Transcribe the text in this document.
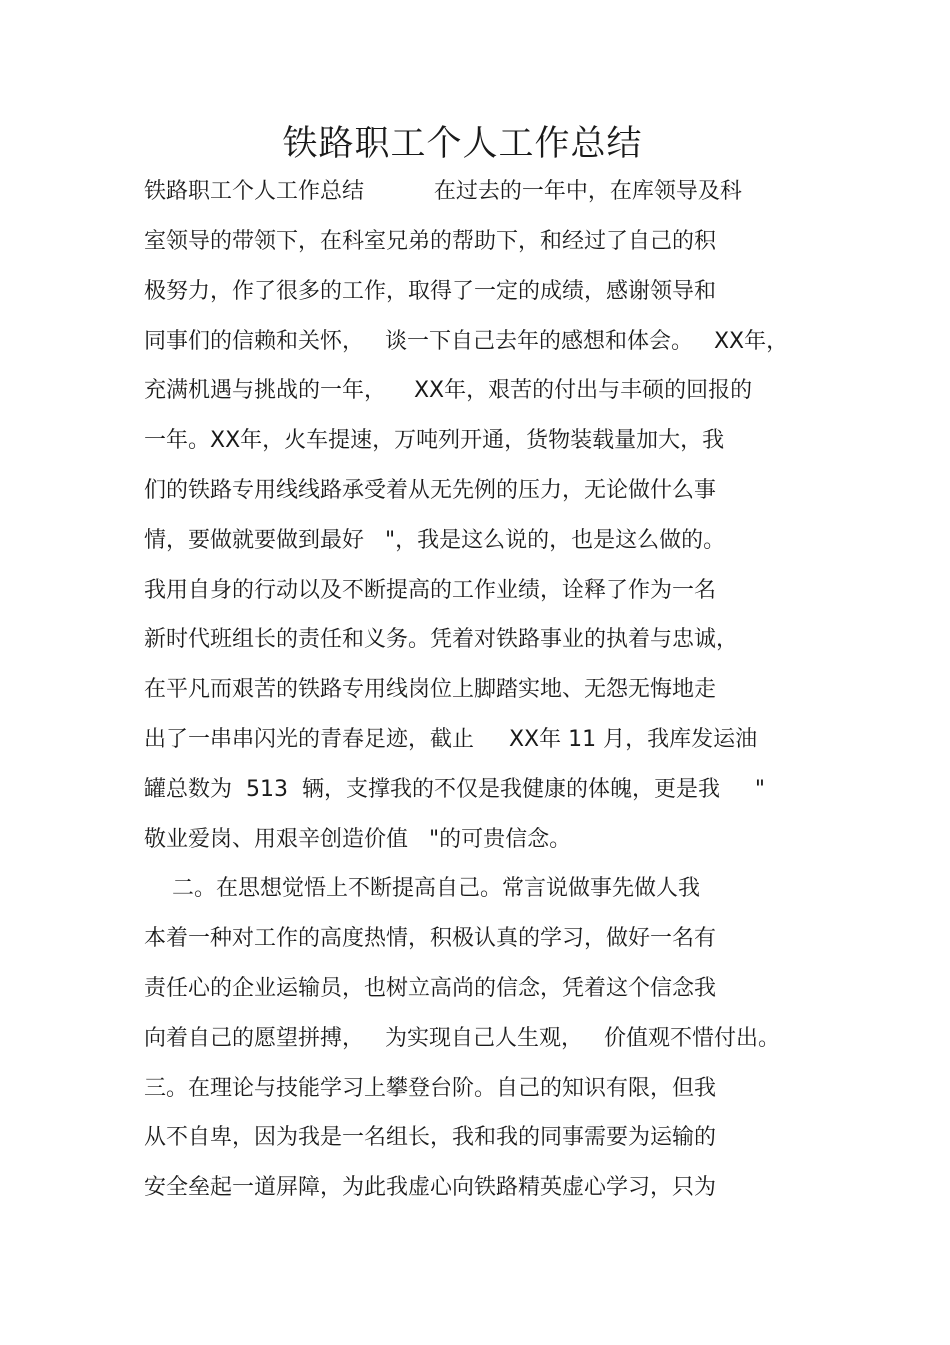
铁路职工个人工作总结
铁路职工个人工作总结          在过去的一年中，在库领导及科
室领导的带领下，在科室兄弟的帮助下，和经过了自己的积
极努力，作了很多的工作，取得了一定的成绩，感谢领导和
同事们的信赖和关怀，   谈一下自己去年的感想和体会。   XX年，
充满机遇与挑战的一年，    XX年，艰苦的付出与丰硕的回报的
一年。XX年，火车提速，万吨列开通，货物装载量加大，我
们的铁路专用线线路承受着从无先例的压力，无论做什么事
情，要做就要做到最好   "，我是这么说的，也是这么做的。
我用自身的行动以及不断提高的工作业绩，诠释了作为一名
新时代班组长的责任和义务。凭着对铁路事业的执着与忠诚，
在平凡而艰苦的铁路专用线岗位上脚踏实地、无怨无悔地走
出了一串串闪光的青春足迹，截止     XX年 11 月，我库发运油
罐总数为  513  辆，支撑我的不仅是我健康的体魄，更是我     "
敬业爱岗、用艰辛创造价值   "的可贵信念。
二。在思想觉悟上不断提高自己。常言说做事先做人我
本着一种对工作的高度热情，积极认真的学习，做好一名有
责任心的企业运输员，也树立高尚的信念，凭着这个信念我
向着自己的愿望拼搏，   为实现自己人生观，   价值观不惜付出。
三。在理论与技能学习上攀登台阶。自己的知识有限，但我
从不自卑，因为我是一名组长，我和我的同事需要为运输的
安全垒起一道屏障，为此我虚心向铁路精英虚心学习，只为
